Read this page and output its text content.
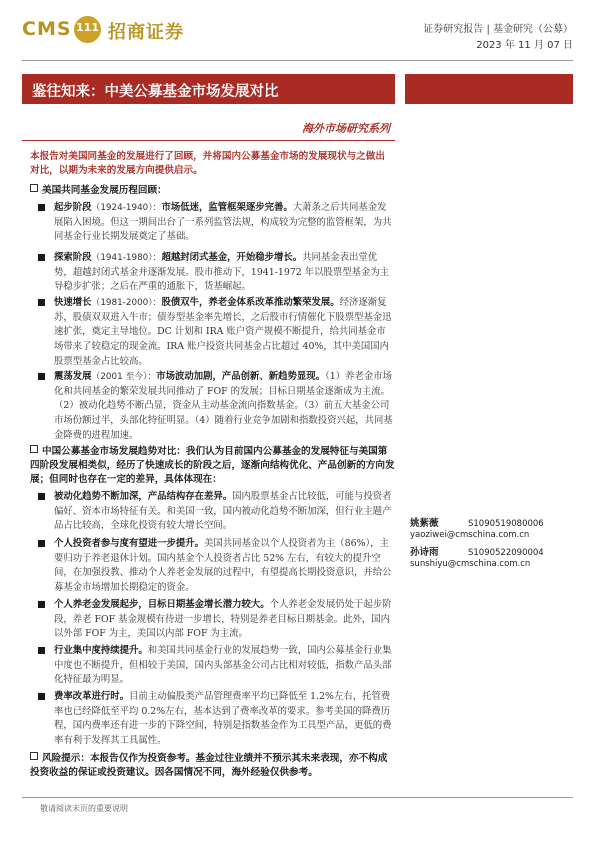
CMS 111 招商证券	证券研究报告 | 基金研究（公募）
2023 年 11 月 07 日
鉴往知来：中美公募基金市场发展对比
海外市场研究系列
本报告对美国同基金的发展进行了回顾，并将国内公募基金市场的发展现状与之做出对比，以期为未来的发展方向提供启示。
美国共同基金发展历程回顾：
起步阶段（1924-1940）：市场低迷，监管框架逐步完善。大萧条之后共同基金发展陷入困境。但这一期间出台了一系列监管法规，构成较为完整的监管框架，为共同基金行业长期发展奠定了基础。
探索阶段（1941-1980）：超越封闭式基金，开始稳步增长。共同基金表出堂优势，超越封闭式基金并逐渐发展。股市推动下，1941-1972 年以股票型基金为主导稳步扩张；之后在严重的通胀下，货基崛起。
快速增长（1981-2000）：股债双牛，养老金体系改革推动繁荣发展。经济逐渐复苏，股债双双进入牛市；债券型基金率先增长，之后股市行情催化下股票型基金迅速扩张，奠定主导地位。DC 计划和 IRA 账户资产规模不断提升，给共同基金市场带来了较稳定的现金流。IRA 账户投资共同基金占比超过 40%，其中美国国内股票型基金占比较高。
震荡发展（2001 至今）：市场波动加剧，产品创新、新趋势显现。（1）养老金市场化和共同基金的繁荣发展共同推动了 FOF 的发展；目标日期基金逐渐成为主流。（2）被动化趋势不断凸显，资金从主动基金流向指数基金。（3）前五大基金公司市场份额过半，头部化特征明显。（4）随着行业竞争加剧和指数投资兴起，共同基金降费的进程加速。
中国公募基金市场发展趋势对比：我们认为目前国内公募基金的发展特征与美国第四阶段发展相类似，经历了快速成长的阶段之后，逐渐向结构优化、产品创新的方向发展；但同时也存在一定的差异，具体体现在：
被动化趋势不断加深，产品结构存在差异。国内股票基金占比较低，可能与投资者偏好、资本市场特征有关。和美国一致，国内被动化趋势不断加深，但行业主题产品占比较高，全球化投资有较大增长空间。
个人投资者参与度有望进一步提升。美国共同基金以个人投资者为主（86%），主要归功于养老退休计划。国内基金个人投资者占比 52% 左右，有较大的提升空间，在加强投教、推动个人养老金发展的过程中，有望提高长期投资意识，并给公募基金市场增加长期稳定的资金。
个人养老金发展起步，目标日期基金增长潜力较大。个人养老金发展仍处于起步阶段，养老 FOF 基金规模有待进一步增长，特别是养老目标日期基金。此外，国内以外部 FOF 为主，美国以内部 FOF 为主流。
行业集中度持续提升。和美国共同基金行业的发展趋势一致，国内公募基金行业集中度也不断提升，但相较于美国，国内头部基金公司占比相对较低，指数产品头部化特征最为明显。
费率改革进行时。目前主动偏股类产品管理费率平均已降低至 1.2%左右，托管费率也已经降低至平均 0.2%左右，基本达到了费率改革的要求。参考美国的降费历程，国内费率还有进一步的下降空间，特别是指数基金作为工具型产品，更低的费率有利于发挥其工具属性。
风险提示：本报告仅作为投资参考。基金过往业绩并不预示其未来表现，亦不构成投资收益的保证或投资建议。因各国情况不同，海外经验仅供参考。
姚紫薇	S1090519080006
yaoziwei@cmschina.com.cn
孙诗雨	S1090522090004
sunshiyu@cmschina.com.cn
敬请阅读末页的重要说明
